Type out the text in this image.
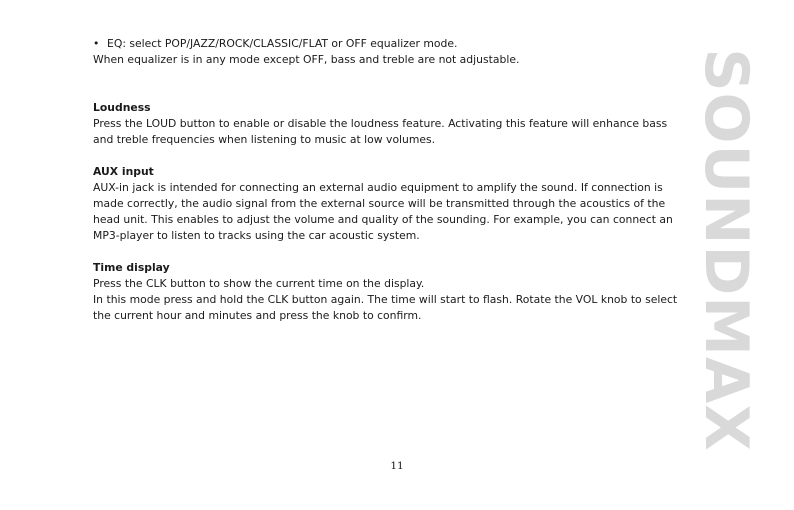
• EQ: select POP/JAZZ/ROCK/CLASSIC/FLAT or OFF equalizer mode.

When equalizer is in any mode except OFF, bass and treble are not adjustable.

Loudness

Press the LOUD button to enable or disable the loudness feature. Activating this feature will enhance bass

and treble frequencies when listening to music at low volumes.

AUX input

AUX-in jack is intended for connecting an external audio equipment to amplify the sound. If connection is

made correctly, the audio signal from the external source will be transmitted through the acoustics of the

head unit. This enables to adjust the volume and quality of the sounding. For example, you can connect an

MP3-player to listen to tracks using the car acoustic system.

Time display

Press the CLK button to show the current time on the display.

In this mode press and hold the CLK button again. The time will start to flash. Rotate the VOL knob to select

the current hour and minutes and press the knob to confirm.

11
SOUNDMAX
